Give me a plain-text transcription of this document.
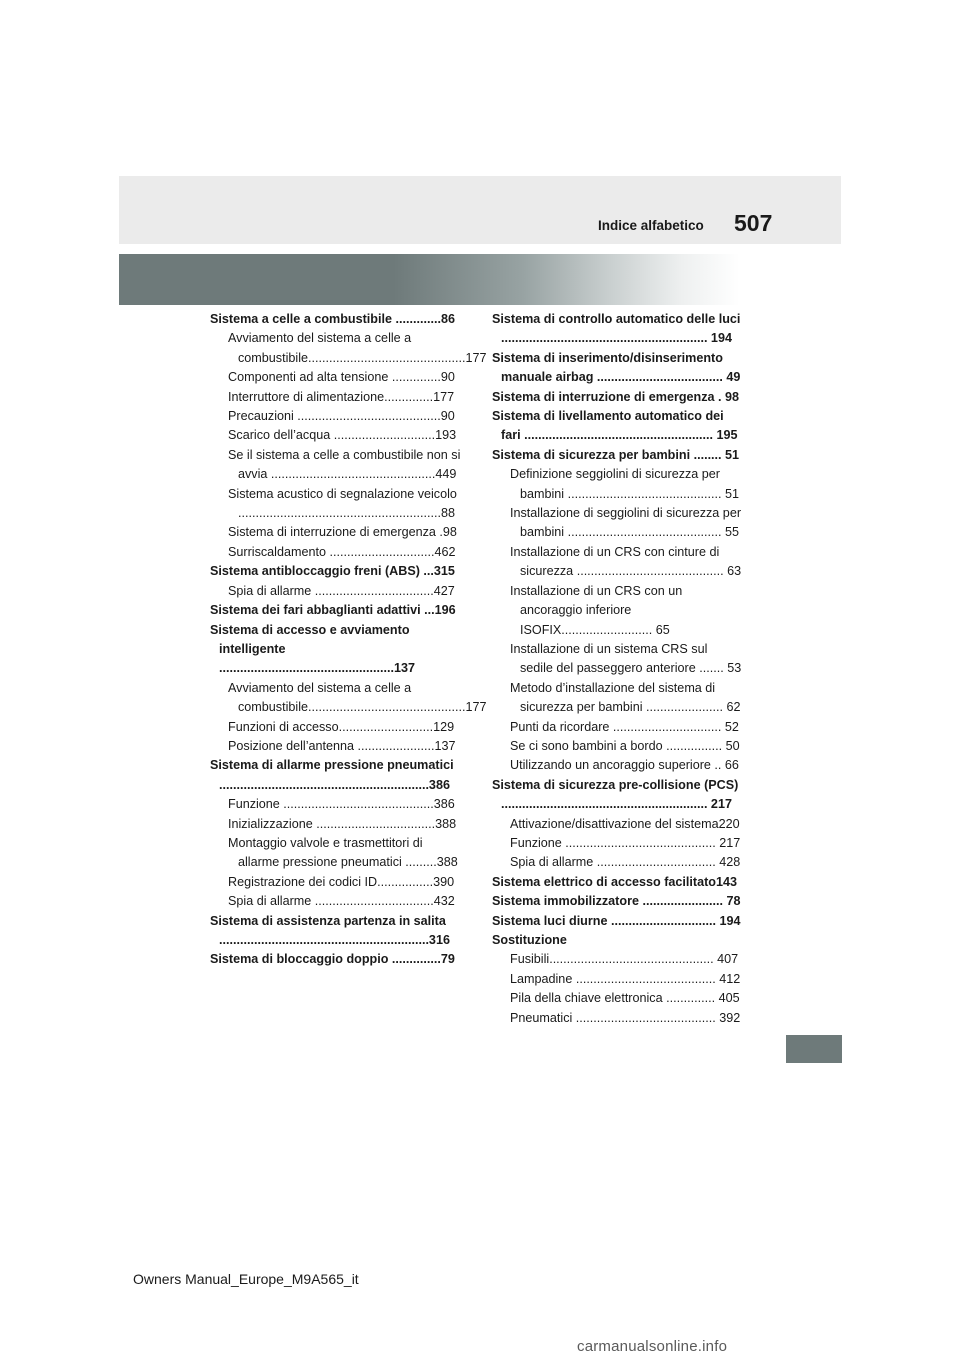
Indice alfabetico 507
Sistema a celle a combustibile .............86
Avviamento del sistema a celle a combustibile.............................................177
Componenti ad alta tensione ..............90
Interruttore di alimentazione..............177
Precauzioni .........................................90
Scarico dell’acqua .............................193
Se il sistema a celle a combustibile non si avvia ...............................................449
Sistema acustico di segnalazione veicolo ..........................................................88
Sistema di interruzione di emergenza .98
Surriscaldamento ..............................462
Sistema antibloccaggio freni (ABS) ...315
Spia di allarme ..................................427
Sistema dei fari abbaglianti adattivi ...196
Sistema di accesso e avviamento intelligente ..................................................137
Avviamento del sistema a celle a combustibile.............................................177
Funzioni di accesso...........................129
Posizione dell’antenna ......................137
Sistema di allarme pressione pneumatici ............................................................386
Funzione ...........................................386
Inizializzazione ..................................388
Montaggio valvole e trasmettitori di allarme pressione pneumatici .........388
Registrazione dei codici ID................390
Spia di allarme ..................................432
Sistema di assistenza partenza in salita ............................................................316
Sistema di bloccaggio doppio ..............79
Sistema di controllo automatico delle luci ........................................................... 194
Sistema di inserimento/disinserimento manuale airbag .................................... 49
Sistema di interruzione di emergenza . 98
Sistema di livellamento automatico dei fari ...................................................... 195
Sistema di sicurezza per bambini ........ 51
Definizione seggiolini di sicurezza per bambini ............................................ 51
Installazione di seggiolini di sicurezza per bambini ............................................ 55
Installazione di un CRS con cinture di sicurezza .......................................... 63
Installazione di un CRS con un ancoraggio inferiore ISOFIX.......................... 65
Installazione di un sistema CRS sul sedile del passeggero anteriore ....... 53
Metodo d’installazione del sistema di sicurezza per bambini ...................... 62
Punti da ricordare ............................... 52
Se ci sono bambini a bordo ................ 50
Utilizzando un ancoraggio superiore .. 66
Sistema di sicurezza pre-collisione (PCS) ........................................................... 217
Attivazione/disattivazione del sistema220
Funzione ........................................... 217
Spia di allarme .................................. 428
Sistema elettrico di accesso facilitato143
Sistema immobilizzatore ....................... 78
Sistema luci diurne .............................. 194
Sostituzione
Fusibili............................................... 407
Lampadine ........................................ 412
Pila della chiave elettronica .............. 405
Pneumatici ........................................ 392
Owners Manual_Europe_M9A565_it
carmanualsonline.info
